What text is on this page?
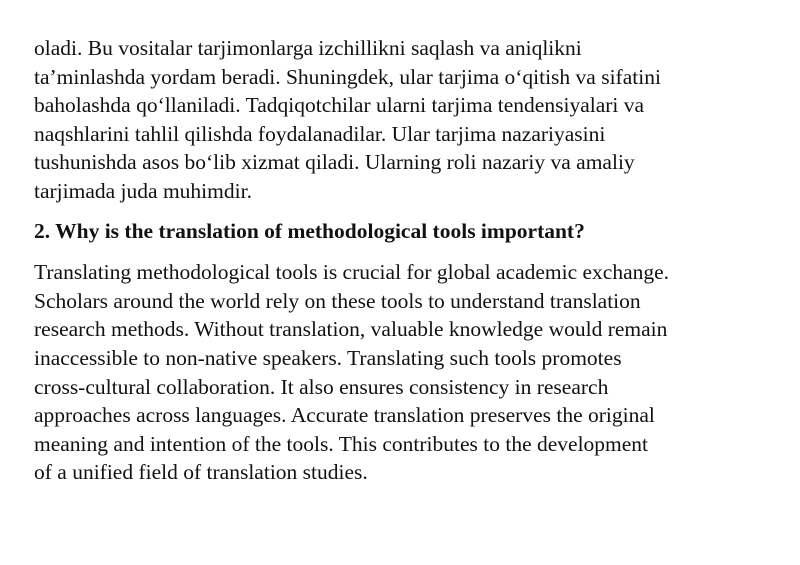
oladi. Bu vositalar tarjimonlarga izchillikni saqlash va aniqlikni
ta’minlashda yordam beradi. Shuningdek, ular tarjima o‘qitish va sifatini
baholashda qo‘llaniladi. Tadqiqotchilar ularni tarjima tendensiyalari va
naqshlarini tahlil qilishda foydalanadilar. Ular tarjima nazariyasini
tushunishda asos bo‘lib xizmat qiladi. Ularning roli nazariy va amaliy
tarjimada juda muhimdir.

2. Why is the translation of methodological tools important?

Translating methodological tools is crucial for global academic exchange.
Scholars around the world rely on these tools to understand translation
research methods. Without translation, valuable knowledge would remain
inaccessible to non-native speakers. Translating such tools promotes
cross-cultural collaboration. It also ensures consistency in research
approaches across languages. Accurate translation preserves the original
meaning and intention of the tools. This contributes to the development
of a unified field of translation studies.
